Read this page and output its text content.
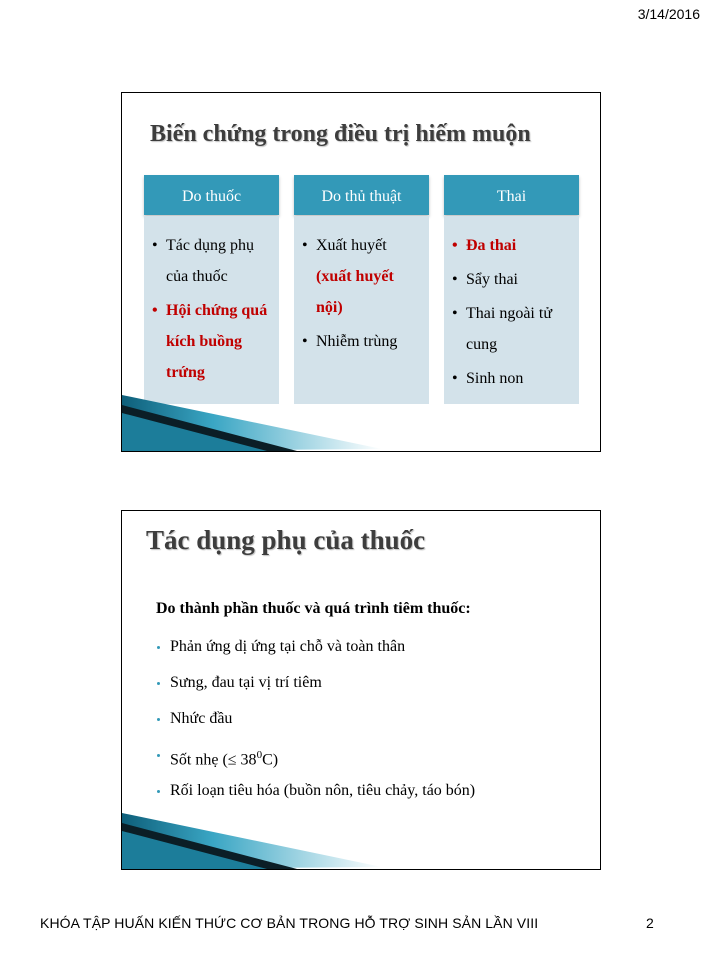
3/14/2016
Biến chứng trong điều trị hiếm muộn
Do thuốc
• Tác dụng phụ của thuốc
• Hội chứng quá kích buồng trứng
Do thủ thuật
• Xuất huyết
(xuất huyết nội)
• Nhiễm trùng
Thai
• Đa thai
• Sẩy thai
• Thai ngoài tử cung
• Sinh non
Tác dụng phụ của thuốc
Do thành phần thuốc và quá trình tiêm thuốc:
Phản ứng dị ứng tại chỗ và toàn thân
Sưng, đau tại vị trí tiêm
Nhức đầu
Sốt nhẹ (≤ $38^0C$)
Rối loạn tiêu hóa (buồn nôn, tiêu chảy, táo bón)
KHÓA TẬP HUẤN KIẾN THỨC CƠ BẢN TRONG HỖ TRỢ SINH SẢN LẦN VIII	2
